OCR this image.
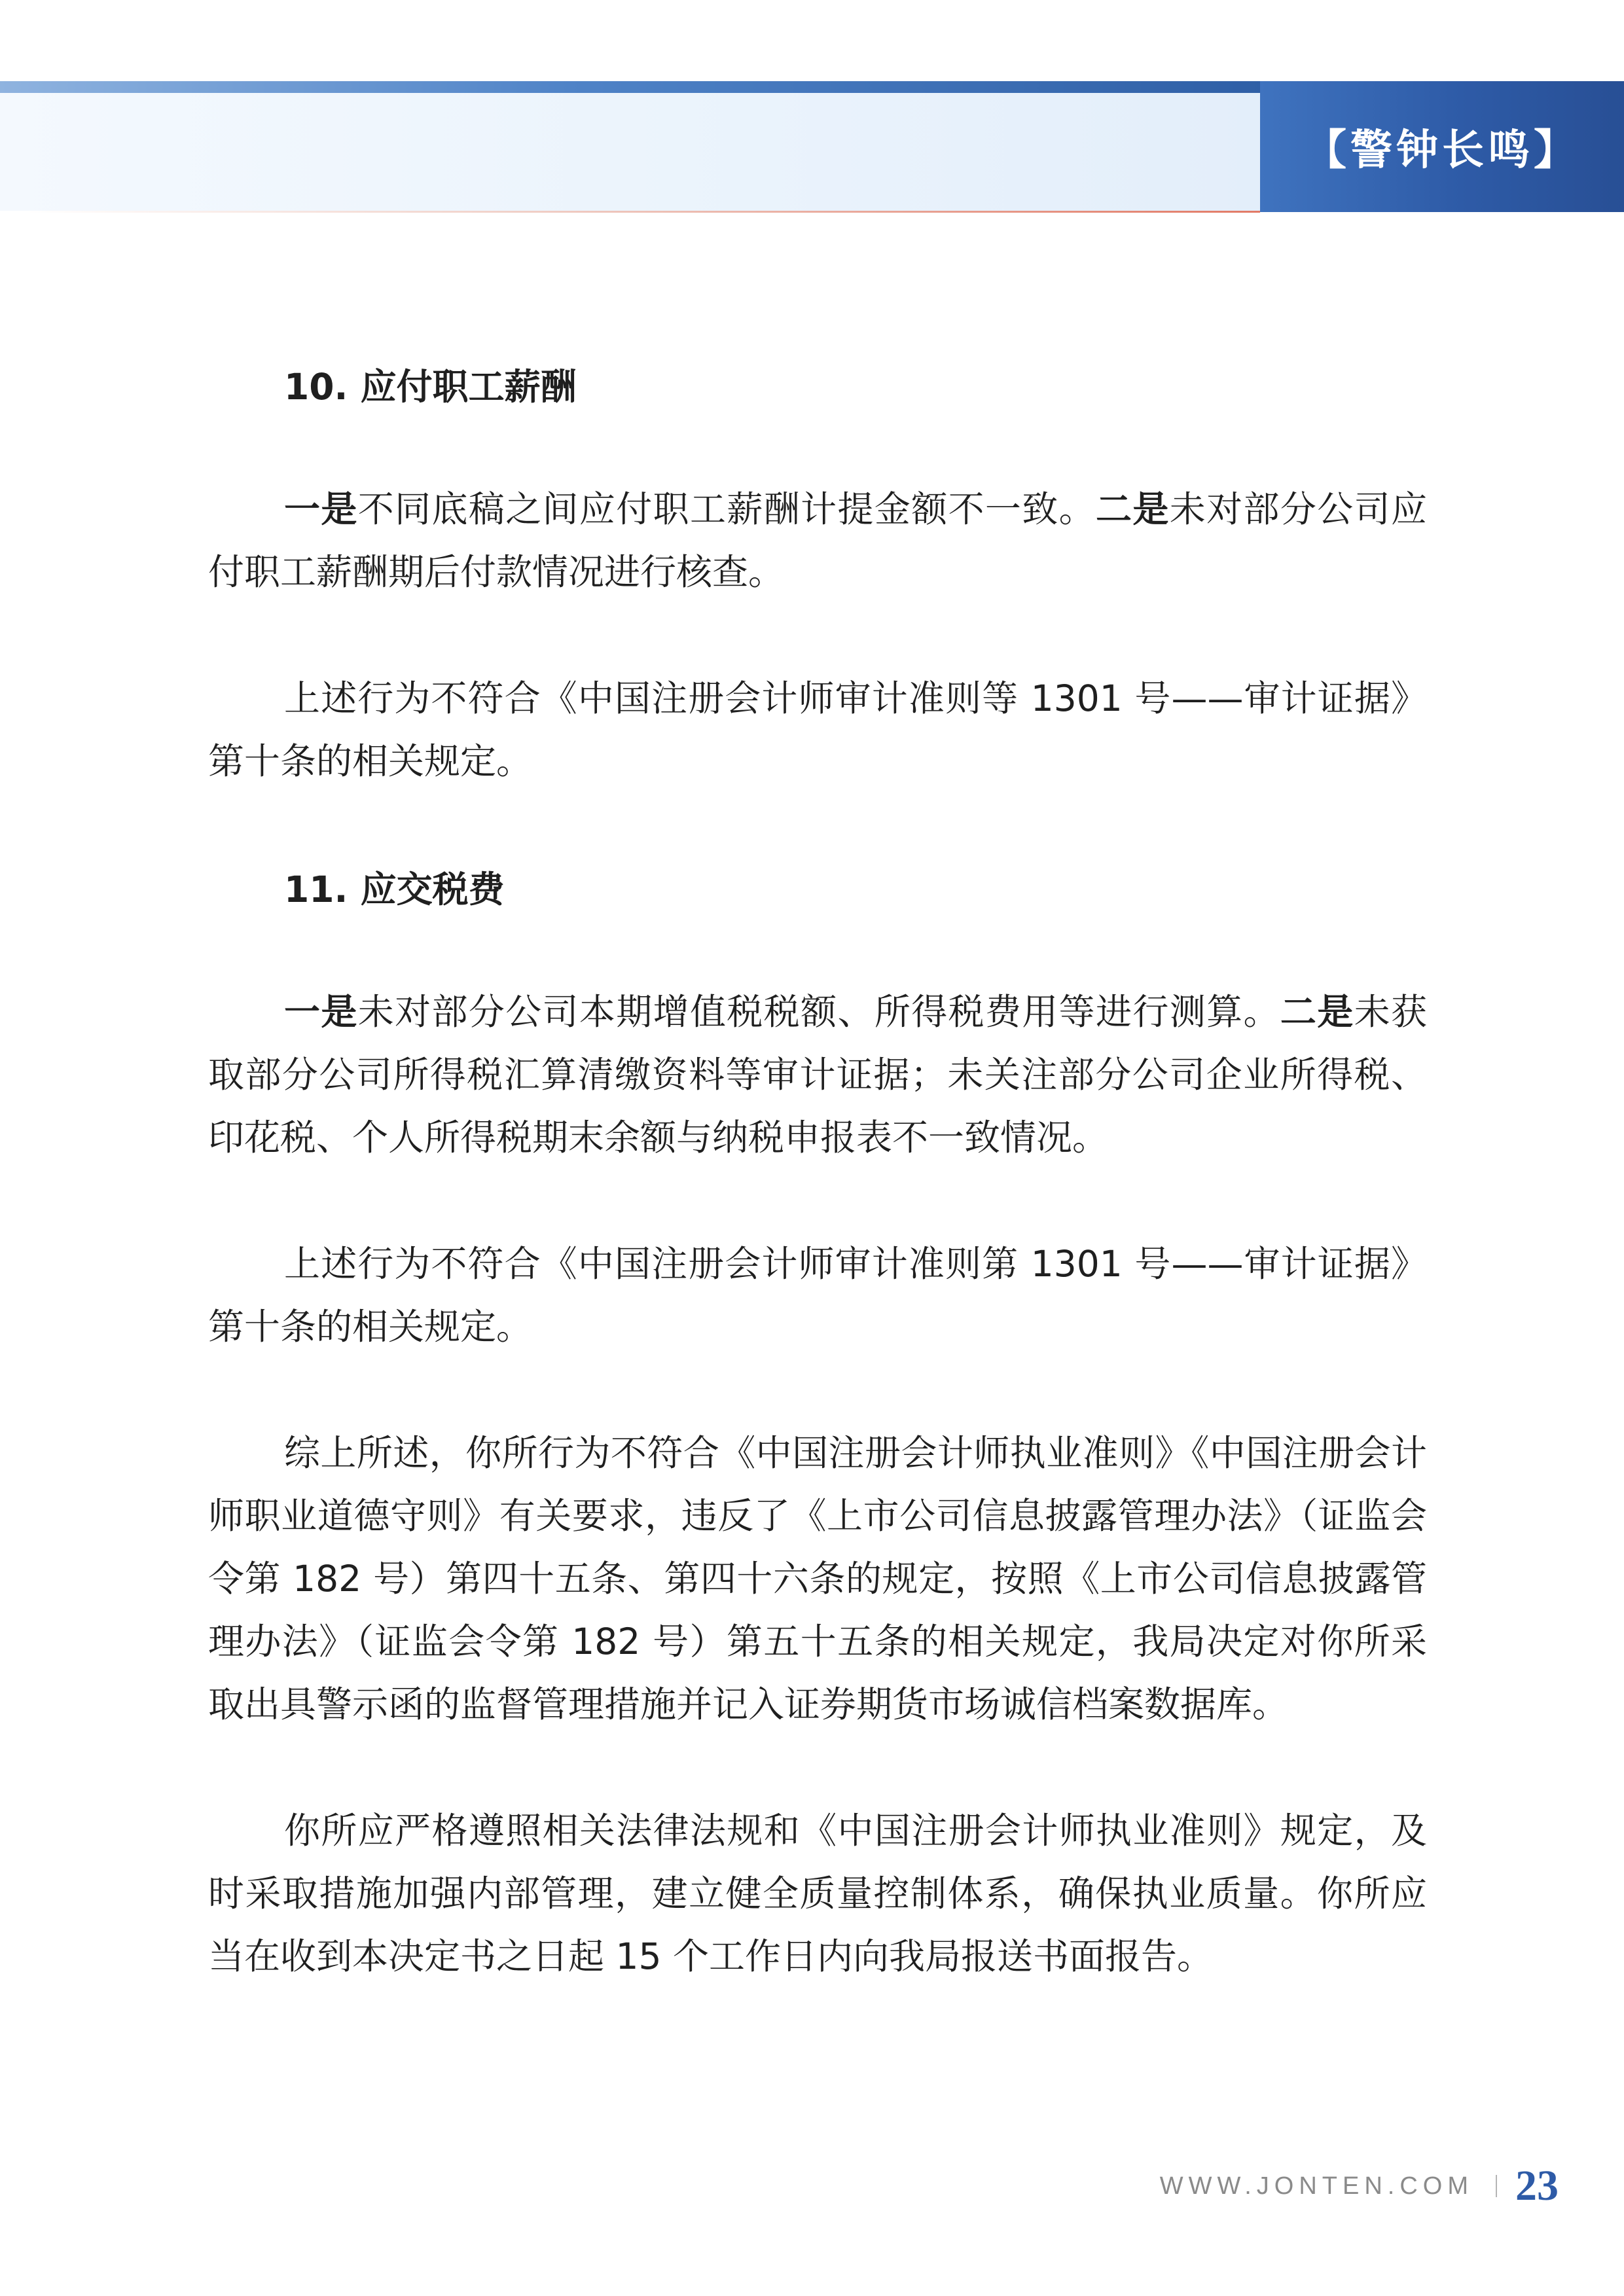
【警钟长鸣】
10. 应付职工薪酬

一是不同底稿之间应付职工薪酬计提金额不一致。二是未对部分公司应付职工薪酬期后付款情况进行核查。

上述行为不符合《中国注册会计师审计准则等 1301 号——审计证据》第十条的相关规定。

11. 应交税费

一是未对部分公司本期增值税税额、所得税费用等进行测算。二是未获取部分公司所得税汇算清缴资料等审计证据；未关注部分公司企业所得税、印花税、个人所得税期末余额与纳税申报表不一致情况。

上述行为不符合《中国注册会计师审计准则第 1301 号——审计证据》第十条的相关规定。

综上所述，你所行为不符合《中国注册会计师执业准则》《中国注册会计师职业道德守则》有关要求，违反了《上市公司信息披露管理办法》（证监会令第 182 号）第四十五条、第四十六条的规定，按照《上市公司信息披露管理办法》（证监会令第 182 号）第五十五条的相关规定，我局决定对你所采取出具警示函的监督管理措施并记入证券期货市场诚信档案数据库。

你所应严格遵照相关法律法规和《中国注册会计师执业准则》规定，及时采取措施加强内部管理，建立健全质量控制体系，确保执业质量。你所应当在收到本决定书之日起 15 个工作日内向我局报送书面报告。

WWW.JONTEN.COM 23
